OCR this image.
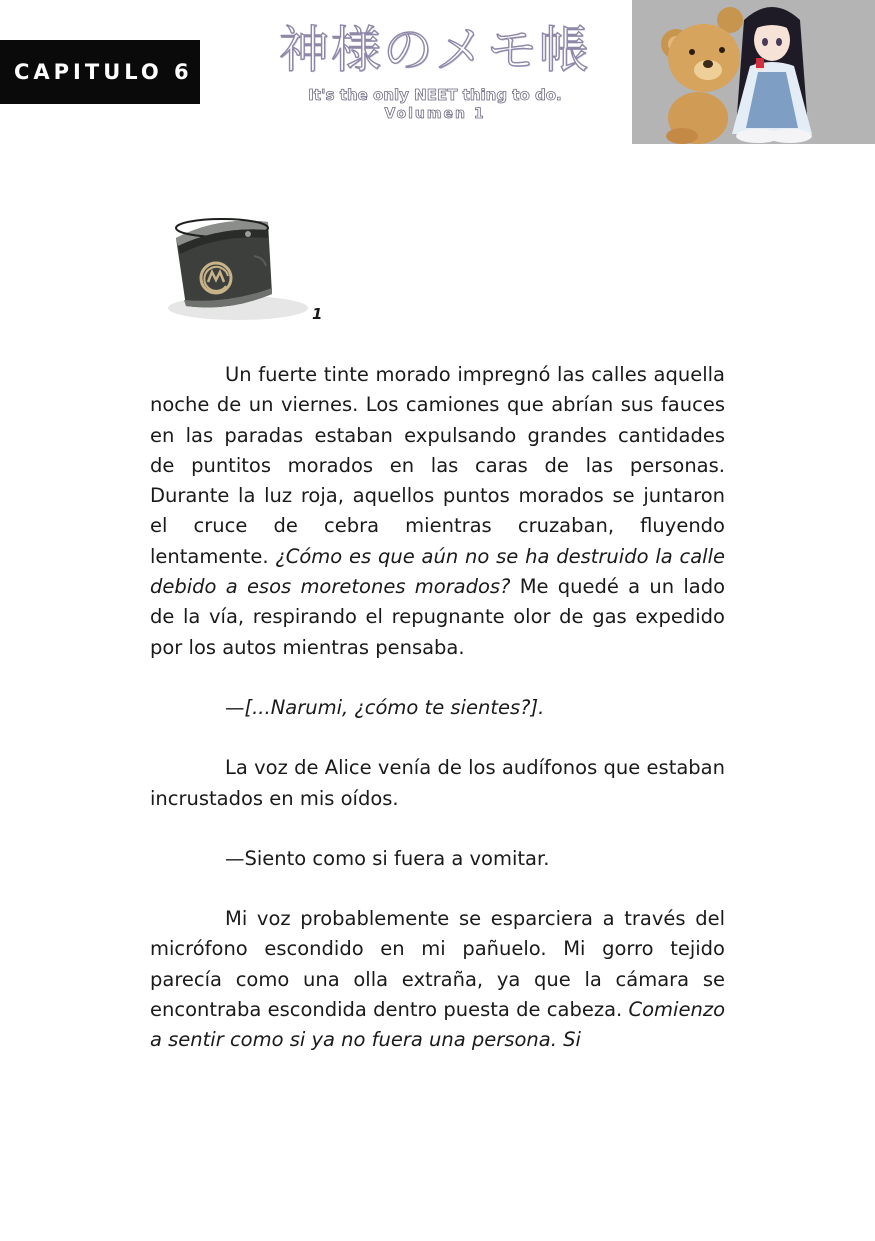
CAPITULO 6 神様のメモ帳
It's the only NEET thing to do.
Volumen 1
1

Un fuerte tinte morado impregnó las calles aquella noche de un viernes. Los camiones que abrían sus fauces en las paradas estaban expulsando grandes cantidades de puntitos morados en las caras de las personas. Durante la luz roja, aquellos puntos morados se juntaron el cruce de cebra mientras cruzaban, fluyendo lentamente. ¿Cómo es que aún no se ha destruido la calle debido a esos moretones morados? Me quedé a un lado de la vía, respirando el repugnante olor de gas expedido por los autos mientras pensaba.

—[...Narumi, ¿cómo te sientes?].

La voz de Alice venía de los audífonos que estaban incrustados en mis oídos.

—Siento como si fuera a vomitar.

Mi voz probablemente se esparciera a través del micrófono escondido en mi pañuelo. Mi gorro tejido parecía como una olla extraña, ya que la cámara se encontraba escondida dentro puesta de cabeza. Comienzo a sentir como si ya no fuera una persona. Si
